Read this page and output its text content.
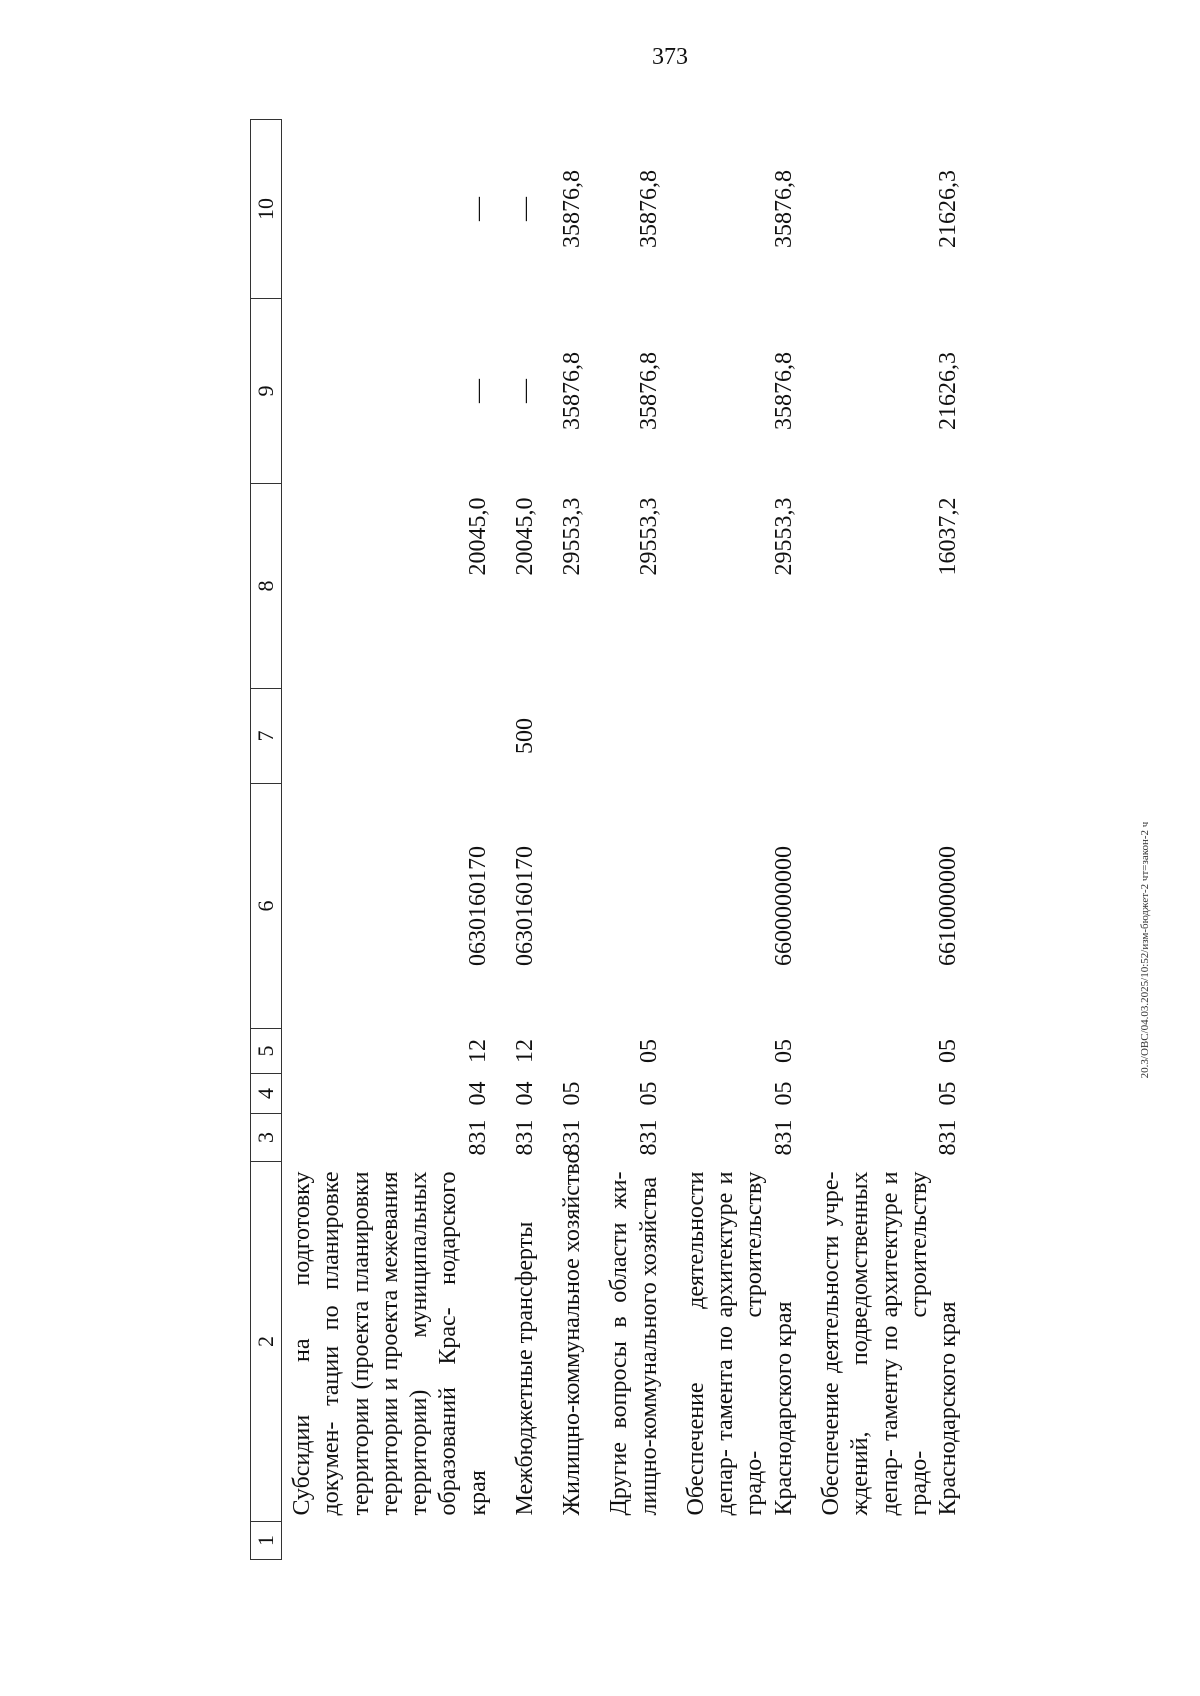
373
1	2	3	4	5	6	7	8	9	10
	Субсидии на подготовку докумен- тации по планировке территории (проекта планировки территории и проекта межевания территории) муниципальных образований Крас- нодарского края	831	04	12	0630160170		20045,0	—	—
	Межбюджетные трансферты	831	04	12	0630160170	500	20045,0	—	—
	Жилищно-коммунальное хозяйство	831	05				29553,3	35876,8	35876,8
	Другие вопросы в области жи- лищно-коммунального хозяйства	831	05	05			29553,3	35876,8	35876,8
	Обеспечение деятельности депар- тамента по архитектуре и градо- строительству Краснодарского края	831	05	05	6600000000		29553,3	35876,8	35876,8
	Обеспечение деятельности учре- ждений, подведомственных депар- таменту по архитектуре и градо- строительству Краснодарского края	831	05	05	6610000000		16037,2	21626,3	21626,3
20.3/ОВС/04.03.2025/10:52/изм-бюджет-2 чт=закон-2 ч
